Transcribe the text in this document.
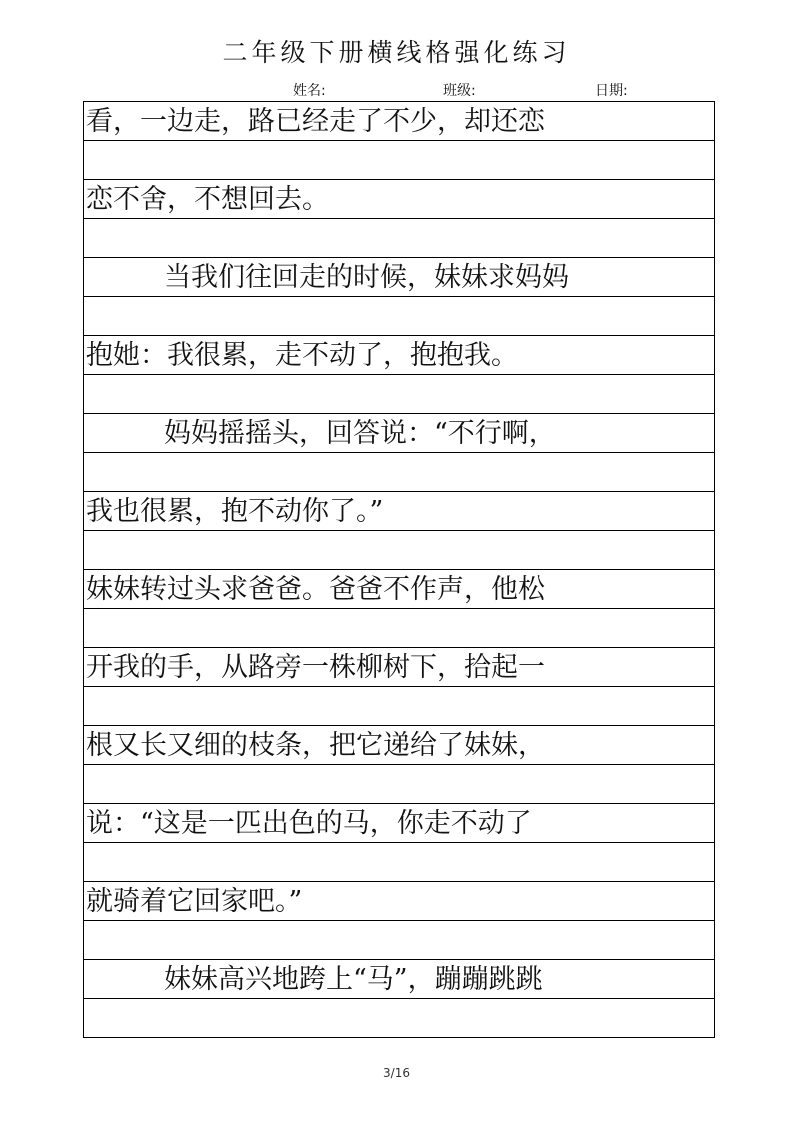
二年级下册横线格强化练习
姓名:	班级:	日期:
看，一边走，路已经走了不少，却还恋
恋不舍，不想回去。
当我们往回走的时候，妹妹求妈妈
抱她：我很累，走不动了，抱抱我。
妈妈摇摇头，回答说：“不行啊，
我也很累，抱不动你了。”
妹妹转过头求爸爸。爸爸不作声，他松
开我的手，从路旁一株柳树下，拾起一
根又长又细的枝条，把它递给了妹妹，
说：“这是一匹出色的马，你走不动了
就骑着它回家吧。”
妹妹高兴地跨上“马”，蹦蹦跳跳
3/16
